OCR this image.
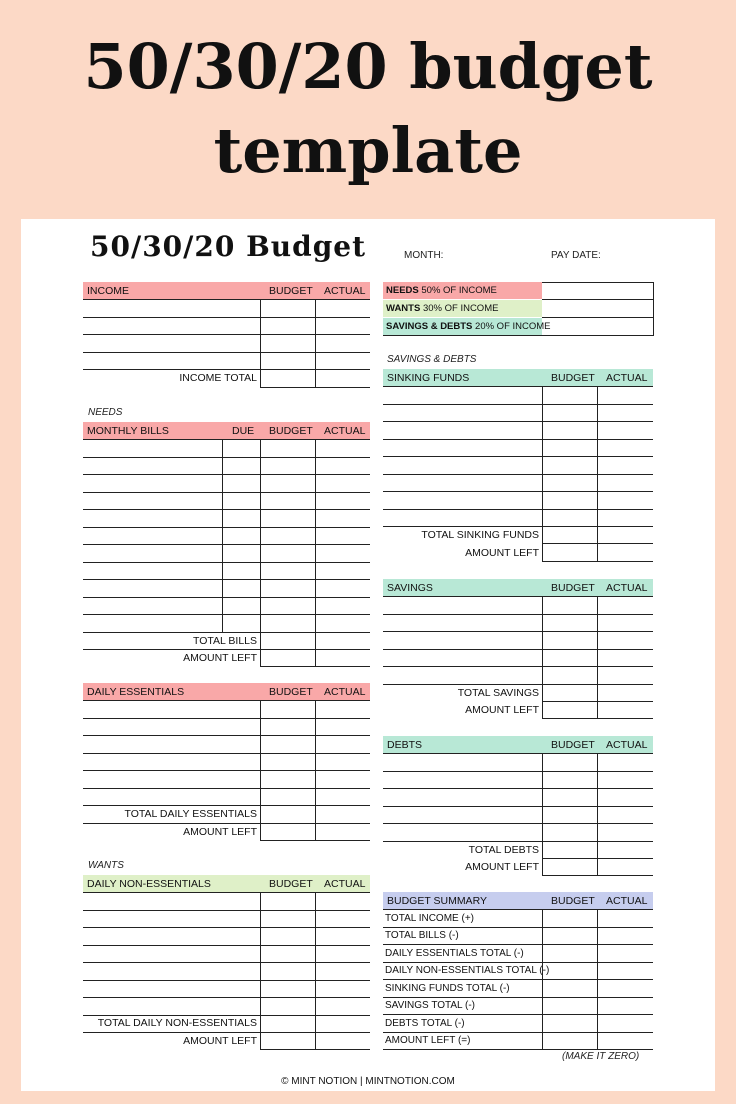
50/30/20 budget
template
50/30/20 Budget	MONTH:	PAY DATE:
NEEDS 50% OF INCOME
WANTS 30% OF INCOME
SAVINGS & DEBTS 20% OF INCOME
INCOME	BUDGET ACTUAL
INCOME TOTAL
NEEDS
MONTHLY BILLS	DUE BUDGET ACTUAL
TOTAL BILLS
AMOUNT LEFT
DAILY ESSENTIALS	BUDGET ACTUAL
TOTAL DAILY ESSENTIALS
AMOUNT LEFT
WANTS
DAILY NON-ESSENTIALS	BUDGET ACTUAL
TOTAL DAILY NON-ESSENTIALS
AMOUNT LEFT
SAVINGS & DEBTS
SINKING FUNDS	BUDGET ACTUAL
TOTAL SINKING FUNDS
AMOUNT LEFT
SAVINGS	BUDGET ACTUAL
TOTAL SAVINGS
AMOUNT LEFT
DEBTS	BUDGET ACTUAL
TOTAL DEBTS
AMOUNT LEFT
BUDGET SUMMARY	BUDGET ACTUAL
TOTAL INCOME (+)
TOTAL BILLS (-)
DAILY ESSENTIALS TOTAL (-)
DAILY NON-ESSENTIALS TOTAL (-)
SINKING FUNDS TOTAL (-)
SAVINGS TOTAL (-)
DEBTS TOTAL (-)
AMOUNT LEFT (=)
(MAKE IT ZERO)
© MINT NOTION | MINTNOTION.COM
